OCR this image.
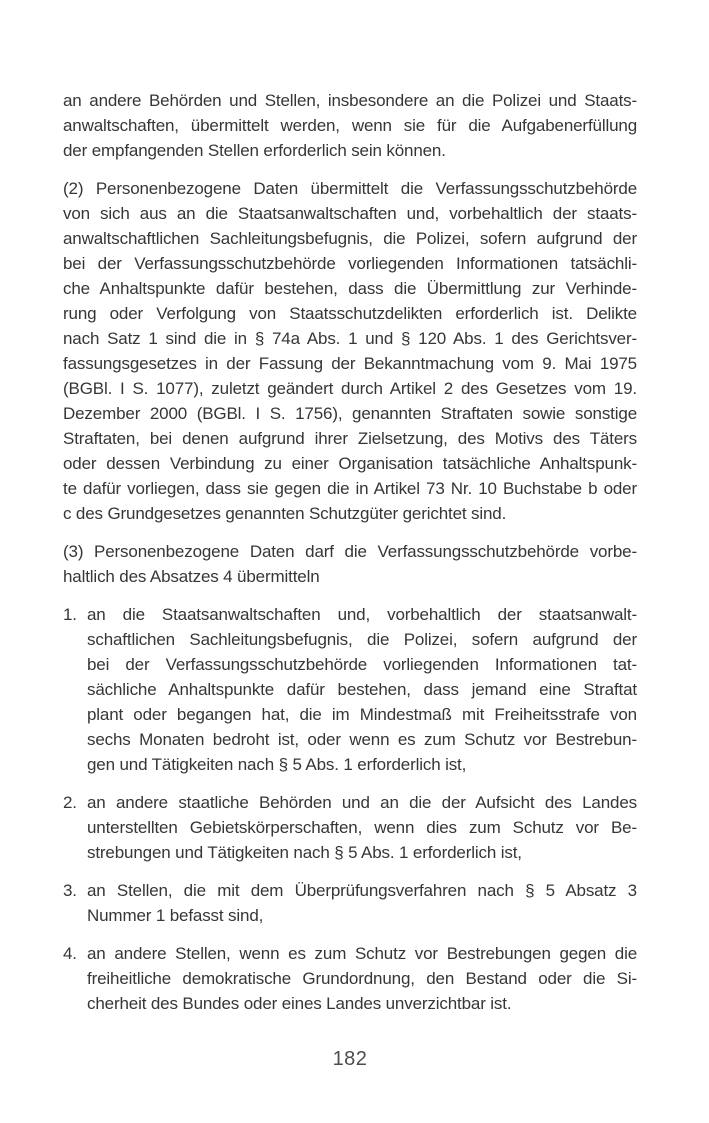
an andere Behörden und Stellen, insbesondere an die Polizei und Staats-
anwaltschaften, übermittelt werden, wenn sie für die Aufgabenerfüllung
der empfangenden Stellen erforderlich sein können.
(2) Personenbezogene Daten übermittelt die Verfassungsschutzbehörde
von sich aus an die Staatsanwaltschaften und, vorbehaltlich der staats-
anwaltschaftlichen Sachleitungsbefugnis, die Polizei, sofern aufgrund der
bei der Verfassungsschutzbehörde vorliegenden Informationen tatsächli-
che Anhaltspunkte dafür bestehen, dass die Übermittlung zur Verhinde-
rung oder Verfolgung von Staatsschutzdelikten erforderlich ist. Delikte
nach Satz 1 sind die in § 74a Abs. 1 und § 120 Abs. 1 des Gerichtsver-
fassungsgesetzes in der Fassung der Bekanntmachung vom 9. Mai 1975
(BGBl. I S. 1077), zuletzt geändert durch Artikel 2 des Gesetzes vom 19.
Dezember 2000 (BGBl. I S. 1756), genannten Straftaten sowie sonstige
Straftaten, bei denen aufgrund ihrer Zielsetzung, des Motivs des Täters
oder dessen Verbindung zu einer Organisation tatsächliche Anhaltspunk-
te dafür vorliegen, dass sie gegen die in Artikel 73 Nr. 10 Buchstabe b oder
c des Grundgesetzes genannten Schutzgüter gerichtet sind.
(3) Personenbezogene Daten darf die Verfassungsschutzbehörde vorbe-
haltlich des Absatzes 4 übermitteln
1. an die Staatsanwaltschaften und, vorbehaltlich der staatsanwalt-
schaftlichen Sachleitungsbefugnis, die Polizei, sofern aufgrund der
bei der Verfassungsschutzbehörde vorliegenden Informationen tat-
sächliche Anhaltspunkte dafür bestehen, dass jemand eine Straftat
plant oder begangen hat, die im Mindestmaß mit Freiheitsstrafe von
sechs Monaten bedroht ist, oder wenn es zum Schutz vor Bestrebun-
gen und Tätigkeiten nach § 5 Abs. 1 erforderlich ist,
2. an andere staatliche Behörden und an die der Aufsicht des Landes
unterstellten Gebietskörperschaften, wenn dies zum Schutz vor Be-
strebungen und Tätigkeiten nach § 5 Abs. 1 erforderlich ist,
3. an Stellen, die mit dem Überprüfungsverfahren nach § 5 Absatz 3
Nummer 1 befasst sind,
4. an andere Stellen, wenn es zum Schutz vor Bestrebungen gegen die
freiheitliche demokratische Grundordnung, den Bestand oder die Si-
cherheit des Bundes oder eines Landes unverzichtbar ist.
182
